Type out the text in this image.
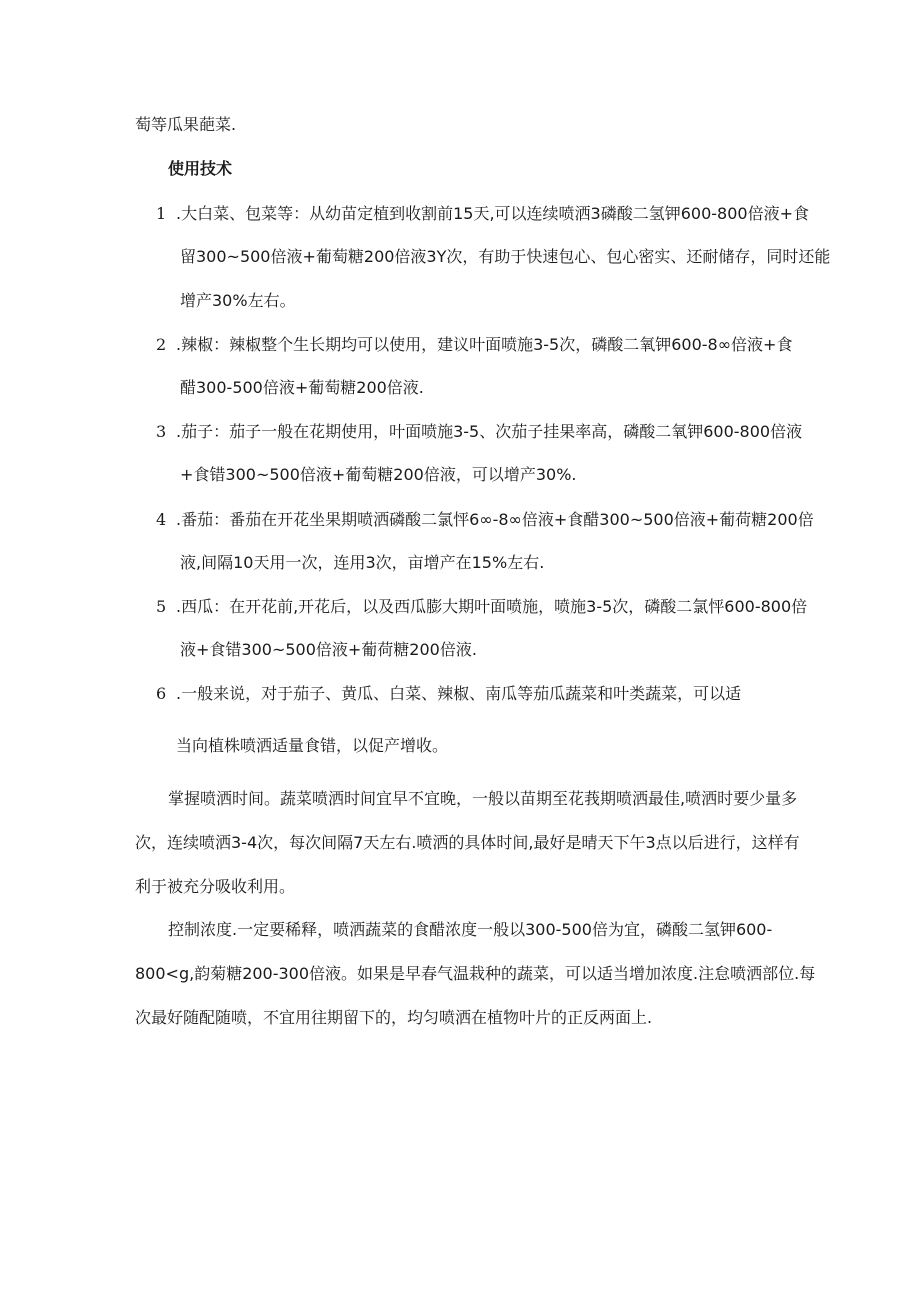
萄等瓜果葩菜.
使用技术
1 .大白菜、包菜等：从幼苗定植到收割前15天,可以连续喷洒3磷酸二氢钾600-800倍液+食
留300~500倍液+葡萄糖200倍液3Y次，有助于快速包心、包心密实、还耐储存，同时还能
增产30%左右。
2 .辣椒：辣椒整个生长期均可以使用，建议叶面喷施3-5次，磷酸二氧钾600-8∞倍液+食
醋300-500倍液+葡萄糖200倍液.
3 .茄子：茄子一般在花期使用，叶面喷施3-5、次茄子挂果率高，磷酸二氧钾600-800倍液
+食错300~500倍液+葡萄糖200倍液，可以增产30%.
4 .番茄：番茄在开花坐果期喷洒磷酸二氯怦6∞-8∞倍液+食醋300~500倍液+葡荷糖200倍
液,间隔10天用一次，连用3次，亩增产在15%左右.
5 .西瓜：在开花前,开花后，以及西瓜膨大期叶面喷施，喷施3-5次，磷酸二氯怦600-800倍
液+食错300~500倍液+葡荷糖200倍液.
6 .一般来说，对于茄子、黄瓜、白菜、辣椒、南瓜等茄瓜蔬菜和叶类蔬菜，可以适
当向植株喷洒适量食错，以促产增收。
掌握喷洒时间。蔬菜喷洒时间宜早不宜晚，一般以苗期至花莪期喷洒最佳,喷洒时要少量多
次，连续喷洒3-4次，每次间隔7天左右.喷洒的具体时间,最好是晴天下午3点以后进行，这样有
利于被充分吸收利用。
控制浓度.一定要稀释，喷洒蔬菜的食醋浓度一般以300-500倍为宜，磷酸二氢钾600-
800<g,韵菊糖200-300倍液。如果是早春气温栽种的蔬菜，可以适当增加浓度.注怠喷洒部位.每
次最好随配随喷，不宜用往期留下的，均匀喷洒在植物叶片的正反两面上.
